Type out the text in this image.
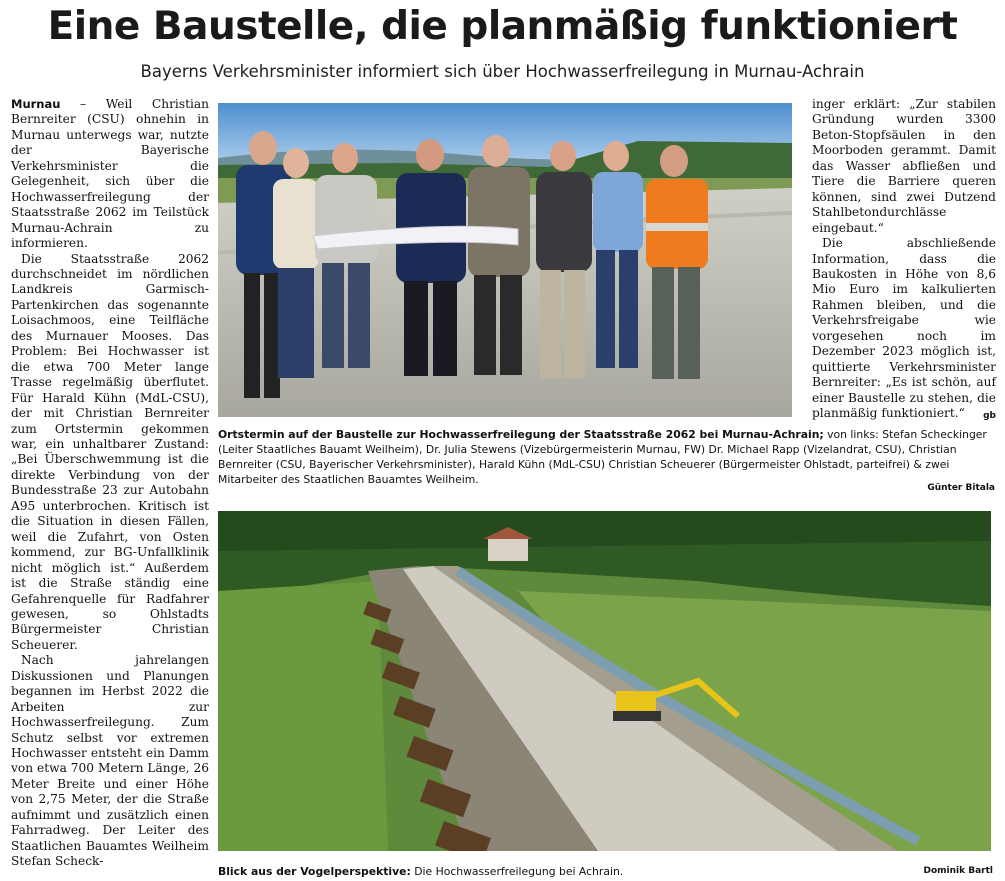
Eine Baustelle, die planmäßig funktioniert
Bayerns Verkehrsminister informiert sich über Hochwasserfreilegung in Murnau-Achrain

Murnau – Weil Christian Bernreiter (CSU) ohnehin in Murnau unterwegs war, nutzte der Bayerische Verkehrsminister die Gelegenheit, sich über die Hochwasserfreilegung der Staatsstraße 2062 im Teilstück Murnau-Achrain zu informieren.

Die Staatsstraße 2062 durchschneidet im nördlichen Landkreis Garmisch-Partenkirchen das sogenannte Loisachmoos, eine Teilfläche des Murnauer Mooses. Das Problem: Bei Hochwasser ist die etwa 700 Meter lange Trasse regelmäßig überflutet. Für Harald Kühn (MdL-CSU), der mit Christian Bernreiter zum Ortstermin gekommen war, ein unhaltbarer Zustand: „Bei Überschwemmung ist die direkte Verbindung von der Bundesstraße 23 zur Autobahn A95 unterbrochen. Kritisch ist die Situation in diesen Fällen, weil die Zufahrt, von Osten kommend, zur BG-Unfallklinik nicht möglich ist.“ Außerdem ist die Straße ständig eine Gefahrenquelle für Radfahrer gewesen, so Ohlstadts Bürgermeister Christian Scheuerer.

Nach jahrelangen Diskussionen und Planungen begannen im Herbst 2022 die Arbeiten zur Hochwasserfreilegung. Zum Schutz selbst vor extremen Hochwasser entsteht ein Damm von etwa 700 Metern Länge, 26 Meter Breite und einer Höhe von 2,75 Meter, der die Straße aufnimmt und zusätzlich einen Fahrradweg. Der Leiter des Staatlichen Bauamtes Weilheim Stefan Scheck-

inger erklärt: „Zur stabilen Gründung wurden 3300 Beton-Stopfsäulen in den Moorboden gerammt. Damit das Wasser abfließen und Tiere die Barriere queren können, sind zwei Dutzend Stahlbetondurchlässe eingebaut.“

Die abschließende Information, dass die Baukosten in Höhe von 8,6 Mio Euro im kalkulierten Rahmen bleiben, und die Verkehrsfreigabe wie vorgesehen noch im Dezember 2023 möglich ist, quittierte Verkehrsminister Bernreiter: „Es ist schön, auf einer Baustelle zu stehen, die planmäßig funktioniert.“	gb

Ortstermin auf der Baustelle zur Hochwasserfreilegung der Staatsstraße 2062 bei Murnau-Achrain; von links: Stefan Scheckinger (Leiter Staatliches Bauamt Weilheim), Dr. Julia Stewens (Vizebürgermeisterin Murnau, FW) Dr. Michael Rapp (Vizelandrat, CSU), Christian Bernreiter (CSU, Bayerischer Verkehrsminister), Harald Kühn (MdL-CSU) Christian Scheuerer (Bürgermeister Ohlstadt, parteifrei) & zwei Mitarbeiter des Staatlichen Bauamtes Weilheim.
Günter Bitala
Blick aus der Vogelperspektive: Die Hochwasserfreilegung bei Achrain.	Dominik Bartl
